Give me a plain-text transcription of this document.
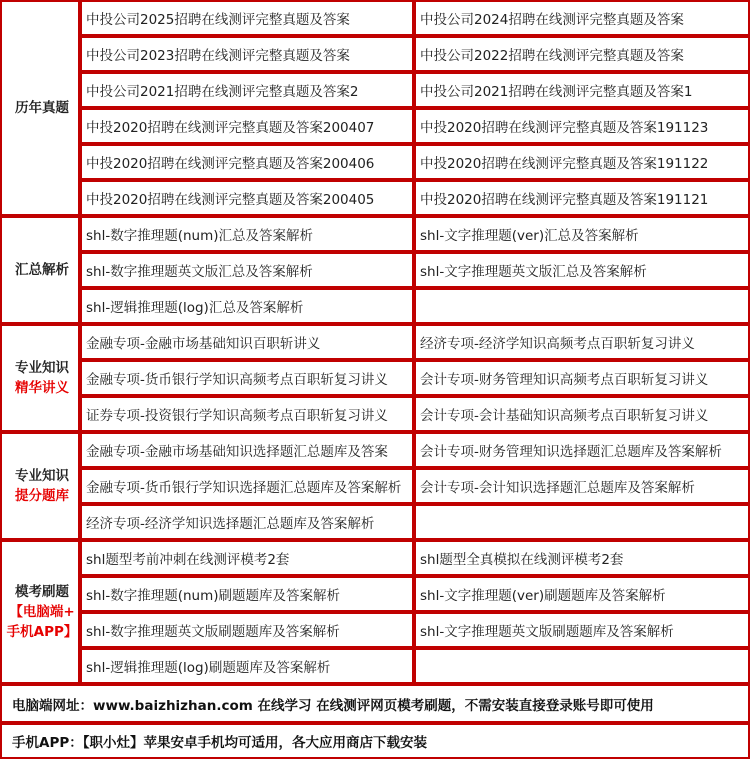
历年真题	中投公司2025招聘在线测评完整真题及答案	中投公司2024招聘在线测评完整真题及答案
	中投公司2023招聘在线测评完整真题及答案	中投公司2022招聘在线测评完整真题及答案
	中投公司2021招聘在线测评完整真题及答案2	中投公司2021招聘在线测评完整真题及答案1
	中投2020招聘在线测评完整真题及答案200407	中投2020招聘在线测评完整真题及答案191123
	中投2020招聘在线测评完整真题及答案200406	中投2020招聘在线测评完整真题及答案191122
	中投2020招聘在线测评完整真题及答案200405	中投2020招聘在线测评完整真题及答案191121

汇总解析	shl-数字推理题(num)汇总及答案解析	shl-文字推理题(ver)汇总及答案解析
	shl-数字推理题英文版汇总及答案解析	shl-文字推理题英文版汇总及答案解析
	shl-逻辑推理题(log)汇总及答案解析	

专业知识
精华讲义	金融专项-金融市场基础知识百职斩讲义	经济专项-经济学知识高频考点百职斩复习讲义
	金融专项-货币银行学知识高频考点百职斩复习讲义	会计专项-财务管理知识高频考点百职斩复习讲义
	证券专项-投资银行学知识高频考点百职斩复习讲义	会计专项-会计基础知识高频考点百职斩复习讲义

专业知识
提分题库	金融专项-金融市场基础知识选择题汇总题库及答案	会计专项-财务管理知识选择题汇总题库及答案解析
	金融专项-货币银行学知识选择题汇总题库及答案解析	会计专项-会计知识选择题汇总题库及答案解析
	经济专项-经济学知识选择题汇总题库及答案解析	

模考刷题
【电脑端+
手机APP】	shl题型考前冲刺在线测评模考2套	shl题型全真模拟在线测评模考2套
	shl-数字推理题(num)刷题题库及答案解析	shl-文字推理题(ver)刷题题库及答案解析
	shl-数字推理题英文版刷题题库及答案解析	shl-文字推理题英文版刷题题库及答案解析
	shl-逻辑推理题(log)刷题题库及答案解析	
电脑端网址：www.baizhizhan.com 在线学习 在线测评网页模考刷题，不需安装直接登录账号即可使用		
手机APP：【职小灶】苹果安卓手机均可适用，各大应用商店下载安装		
